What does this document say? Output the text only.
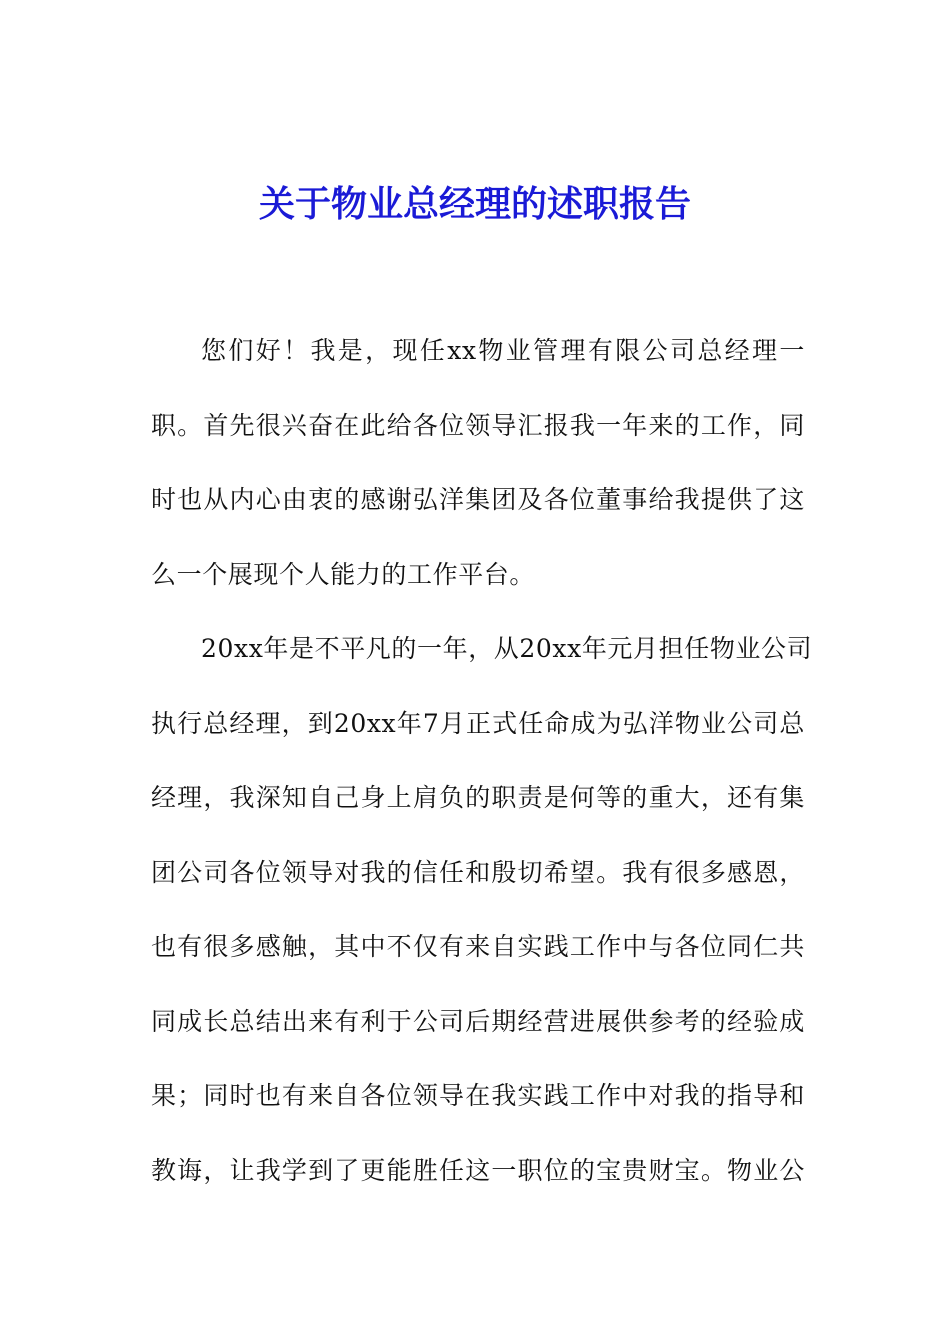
关于物业总经理的述职报告
您们好！我是，现任xx物业管理有限公司总经理一
职。首先很兴奋在此给各位领导汇报我一年来的工作，同
时也从内心由衷的感谢弘洋集团及各位董事给我提供了这
么一个展现个人能力的工作平台。
20xx年是不平凡的一年，从20xx年元月担任物业公司
执行总经理，到20xx年7月正式任命成为弘洋物业公司总
经理，我深知自己身上肩负的职责是何等的重大，还有集
团公司各位领导对我的信任和殷切希望。我有很多感恩，
也有很多感触，其中不仅有来自实践工作中与各位同仁共
同成长总结出来有利于公司后期经营进展供参考的经验成
果；同时也有来自各位领导在我实践工作中对我的指导和
教诲，让我学到了更能胜任这一职位的宝贵财宝。物业公
